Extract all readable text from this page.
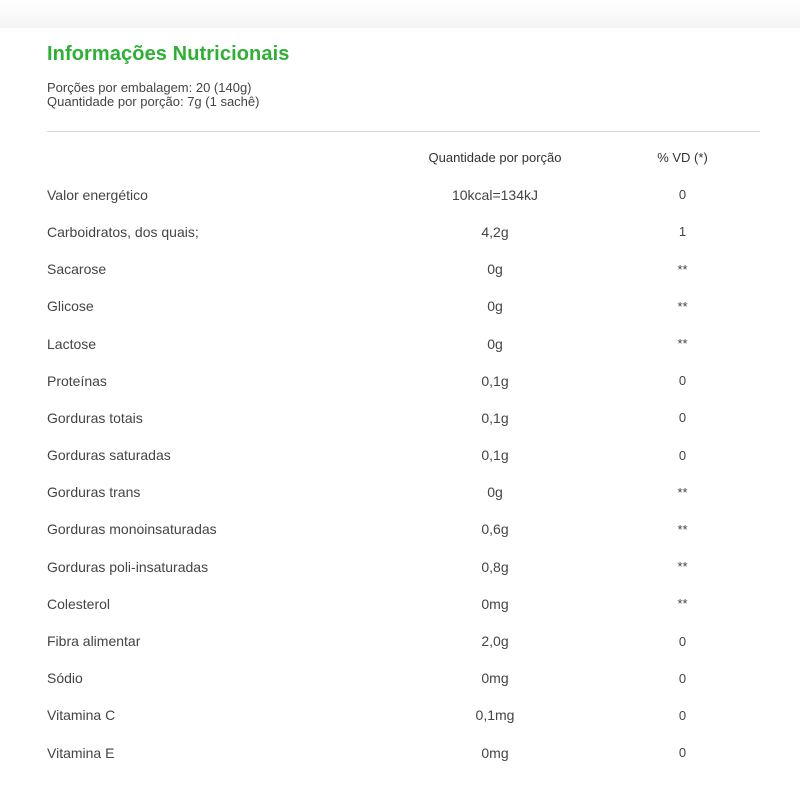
Informações Nutricionais
Porções por embalagem: 20 (140g)
Quantidade por porção: 7g (1 sachê)
	Quantidade por porção	% VD (*)
Valor energético	10kcal=134kJ	0
Carboidratos, dos quais;	4,2g	1
Sacarose	0g	**
Glicose	0g	**
Lactose	0g	**
Proteínas	0,1g	0
Gorduras totais	0,1g	0
Gorduras saturadas	0,1g	0
Gorduras trans	0g	**
Gorduras monoinsaturadas	0,6g	**
Gorduras poli-insaturadas	0,8g	**
Colesterol	0mg	**
Fibra alimentar	2,0g	0
Sódio	0mg	0
Vitamina C	0,1mg	0
Vitamina E	0mg	0
